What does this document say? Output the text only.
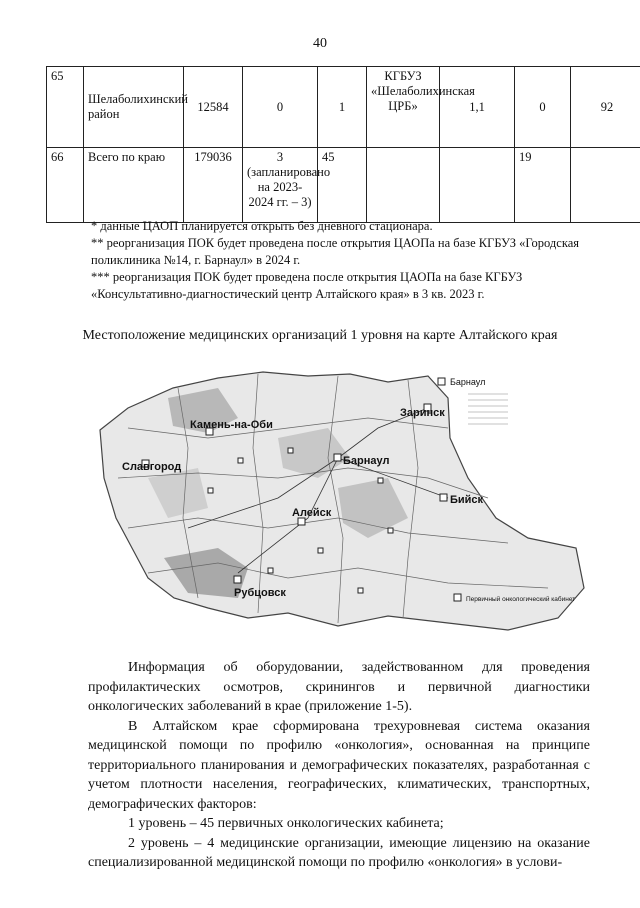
40
65	Шелаболихинский район	12584	0	1	КГБУЗ «Шелаболихинская ЦРБ»	1,1	0	92
66	Всего по краю	179036	3 (запланировано на 2023-2024 гг. – 3)	45			19	

* данные ЦАОП планируется открыть без дневного стационара.

** реорганизация ПОК будет проведена после открытия ЦАОПа на базе КГБУЗ «Городская поликлиника №14, г. Барнаул» в 2024 г.

*** реорганизация ПОК будет проведена после открытия ЦАОПа на базе КГБУЗ «Консультативно-диагностический центр Алтайского края» в 3 кв. 2023 г.

Местоположение медицинских организаций 1 уровня на карте Алтайского края
Барнаул
Заринск
Камень-на-Оби
Славгород
Бийск
Алейск
Рубцовск
Барнаул
Первичный онкологический кабинет

Информация об оборудовании, задействованном для проведения профилактических осмотров, скринингов и первичной диагностики онкологических заболеваний в крае (приложение 1-5).

В Алтайском крае сформирована трехуровневая система оказания медицинской помощи по профилю «онкология», основанная на принципе территориального планирования и демографических показателях, разработанная с учетом плотности населения, географических, климатических, транспортных, демографических факторов:

1 уровень – 45 первичных онкологических кабинета;

2 уровень – 4 медицинские организации, имеющие лицензию на оказание специализированной медицинской помощи по профилю «онкология» в услови-
